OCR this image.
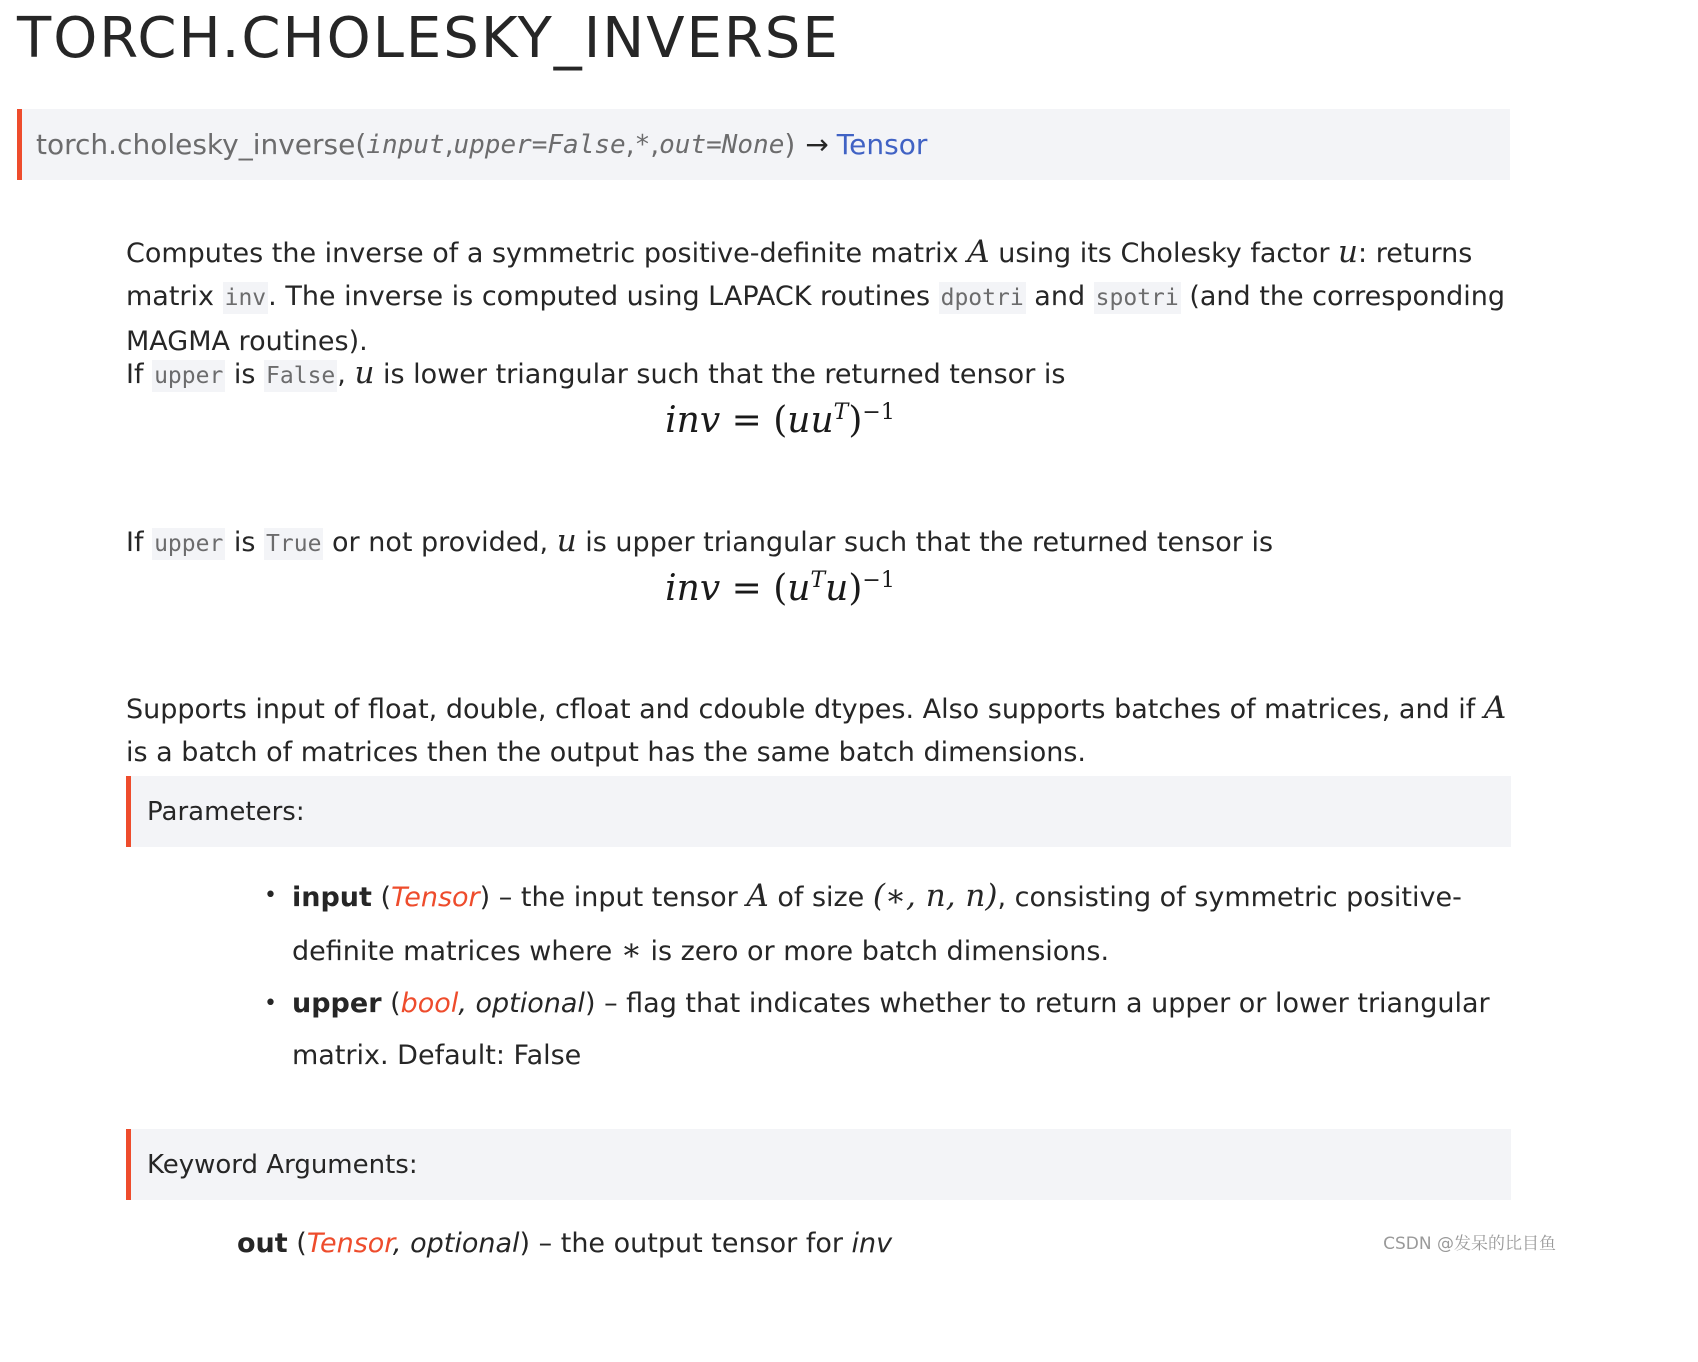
TORCH.CHOLESKY_INVERSE
torch.cholesky_inverse ( input , upper=False , * , out=None ) → Tensor

Computes the inverse of a symmetric positive-definite matrix A using its Cholesky factor u: returns matrix inv. The inverse is computed using LAPACK routines dpotri and spotri (and the corresponding MAGMA routines).

If upper is False, u is lower triangular such that the returned tensor is

inv = $(uu^T)^{-1}$

If upper is True or not provided, u is upper triangular such that the returned tensor is

inv = $(u^Tu)^{-1}$

Supports input of float, double, cfloat and cdouble dtypes. Also supports batches of matrices, and if A is a batch of matrices then the output has the same batch dimensions.

Parameters:
• input (Tensor) – the input tensor A of size (∗, n, n), consisting of symmetric positive-definite matrices where ∗ is zero or more batch dimensions.
• upper (bool, optional) – flag that indicates whether to return a upper or lower triangular matrix. Default: False
Keyword Arguments:
out (Tensor, optional) – the output tensor for inv	CSDN @发呆的比目鱼
